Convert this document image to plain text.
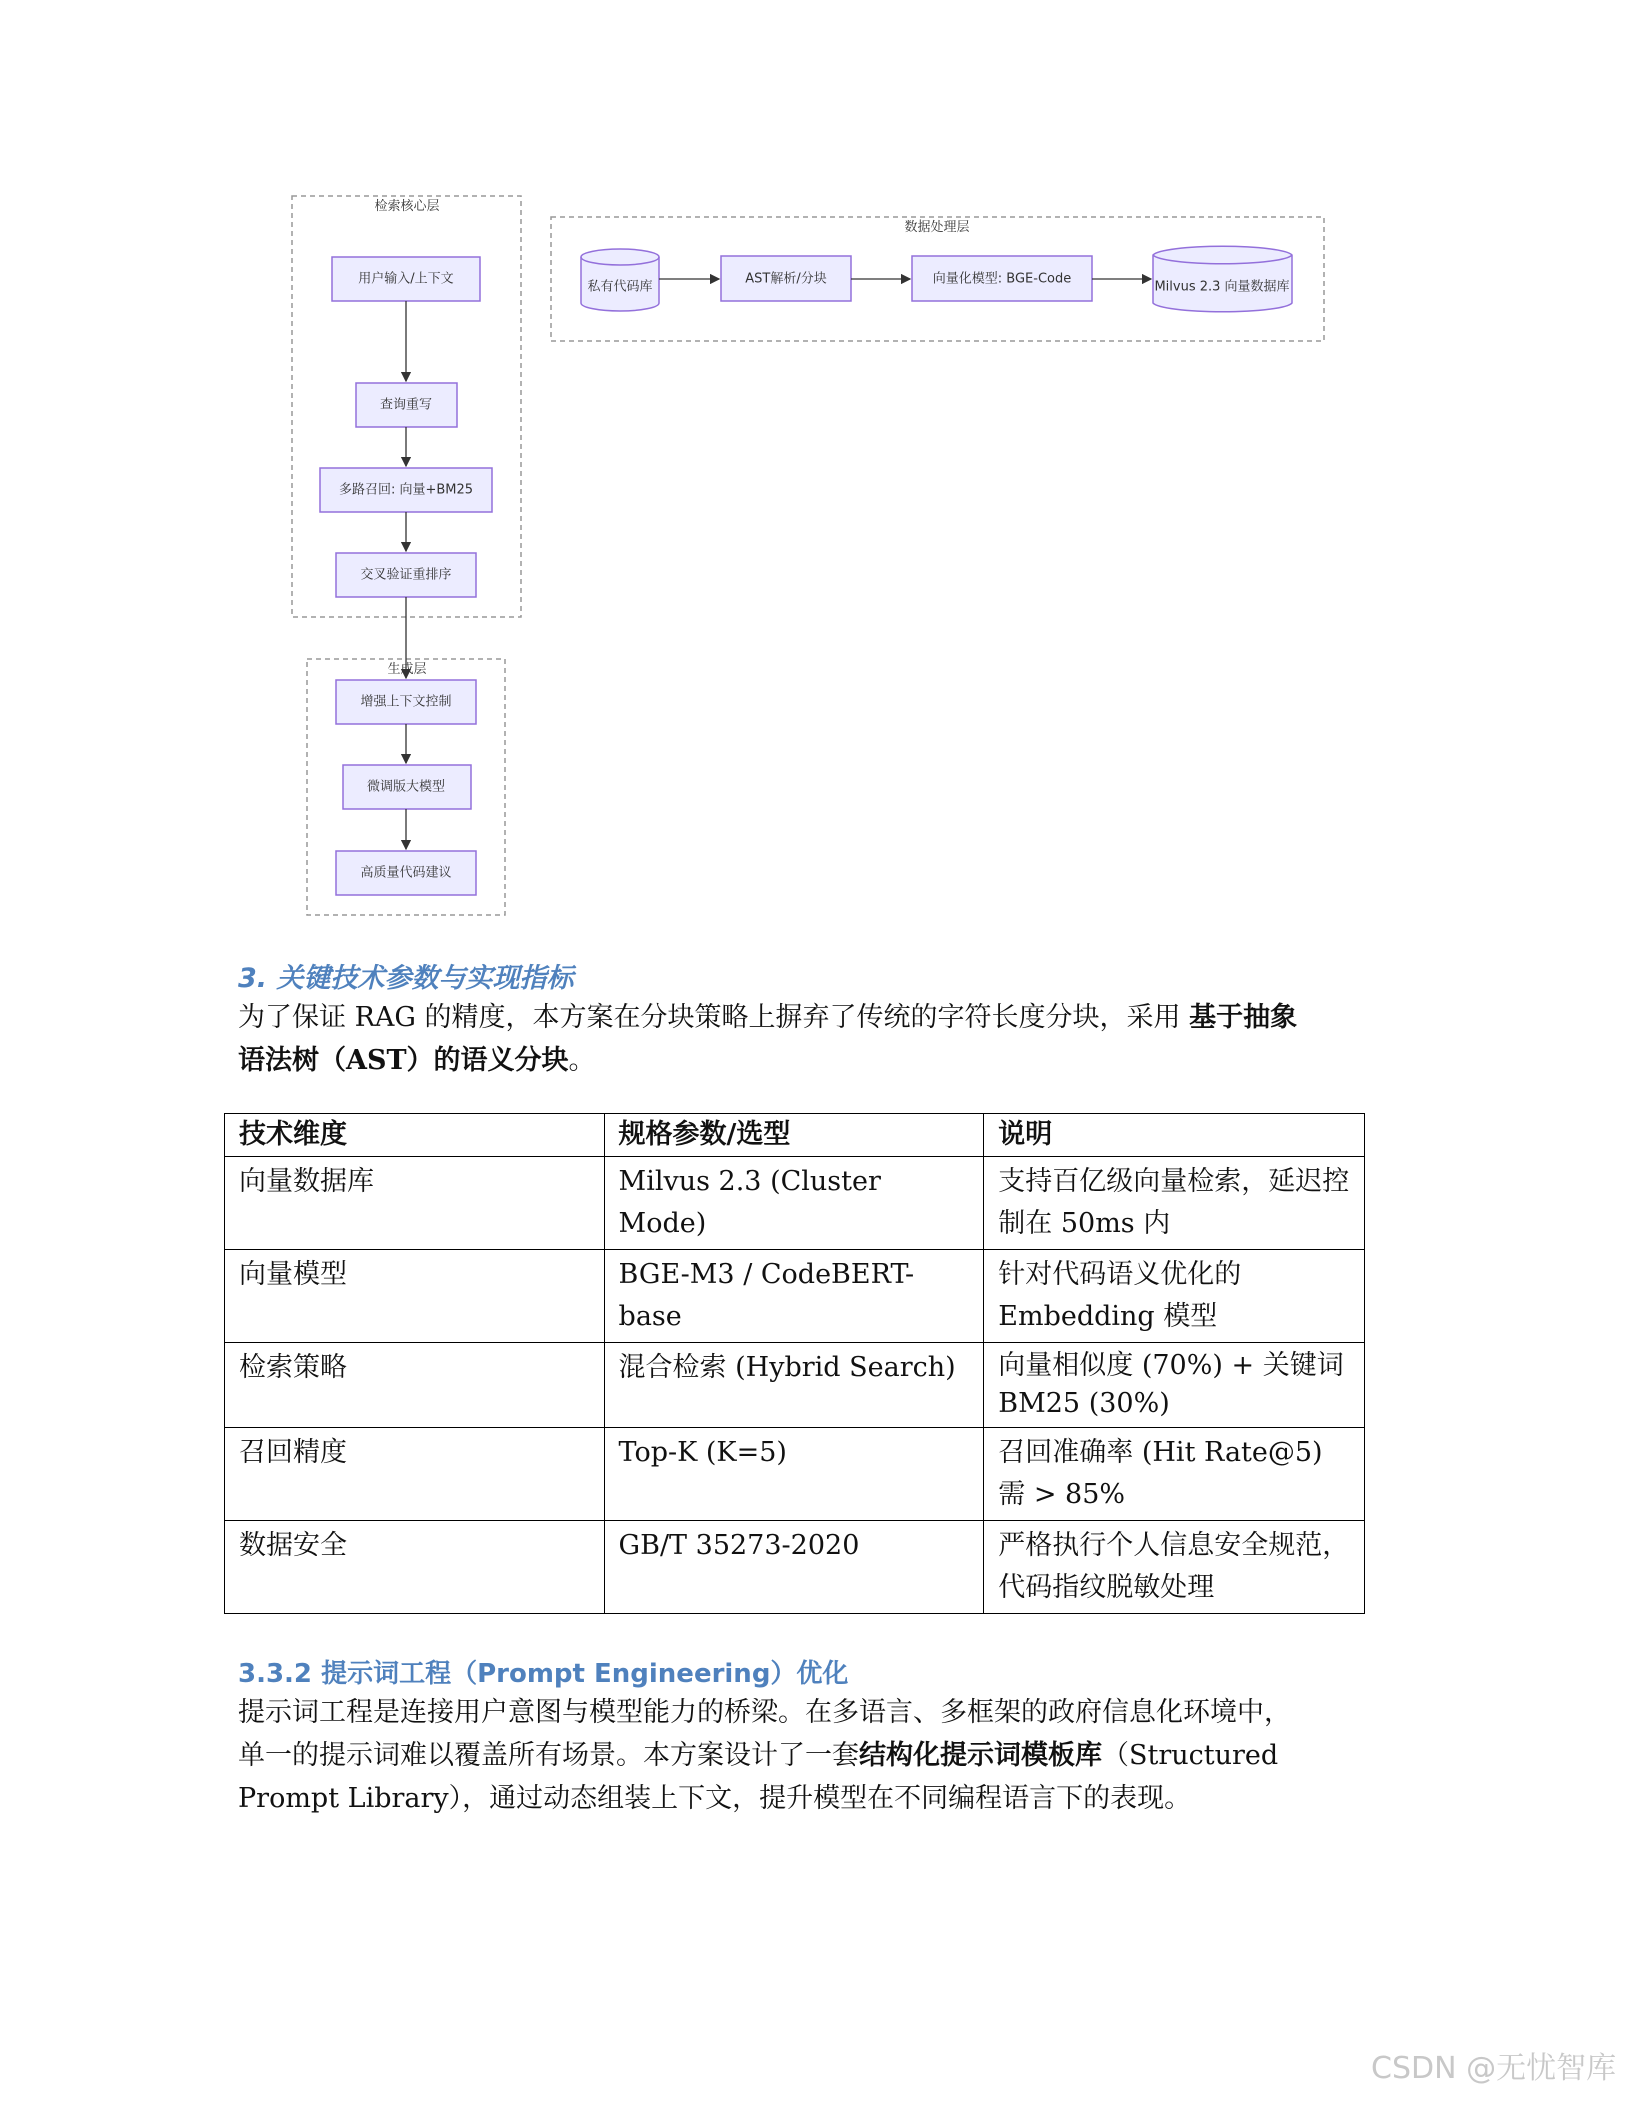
检索核心层
用户输入/上下文
查询重写
多路召回: 向量+BM25
交叉验证重排序
生成层
增强上下文控制
微调版大模型
高质量代码建议
数据处理层
私有代码库
AST解析/分块	向量化模型: BGE-Code
Milvus 2.3 向量数据库
3. 关键技术参数与实现指标
为了保证 RAG 的精度，本方案在分块策略上摒弃了传统的字符长度分块，采用 基于抽象
语法树（AST）的语义分块。
技术维度	规格参数/选型	说明
向量数据库	Milvus 2.3 (Cluster Mode)	支持百亿级向量检索，延迟控制在 50ms 内
向量模型	BGE-M3 / CodeBERT-base	针对代码语义优化的 Embedding 模型
检索策略	混合检索 (Hybrid Search)	向量相似度 (70%) + 关键词 BM25 (30%)
召回精度	Top-K (K=5)	召回准确率 (Hit Rate@5) 需 > 85%
数据安全	GB/T 35273-2020	严格执行个人信息安全规范，代码指纹脱敏处理
3.3.2 提示词工程（Prompt Engineering）优化
提示词工程是连接用户意图与模型能力的桥梁。在多语言、多框架的政府信息化环境中，
单一的提示词难以覆盖所有场景。本方案设计了一套结构化提示词模板库（Structured
Prompt Library），通过动态组装上下文，提升模型在不同编程语言下的表现。
CSDN @无忧智库
